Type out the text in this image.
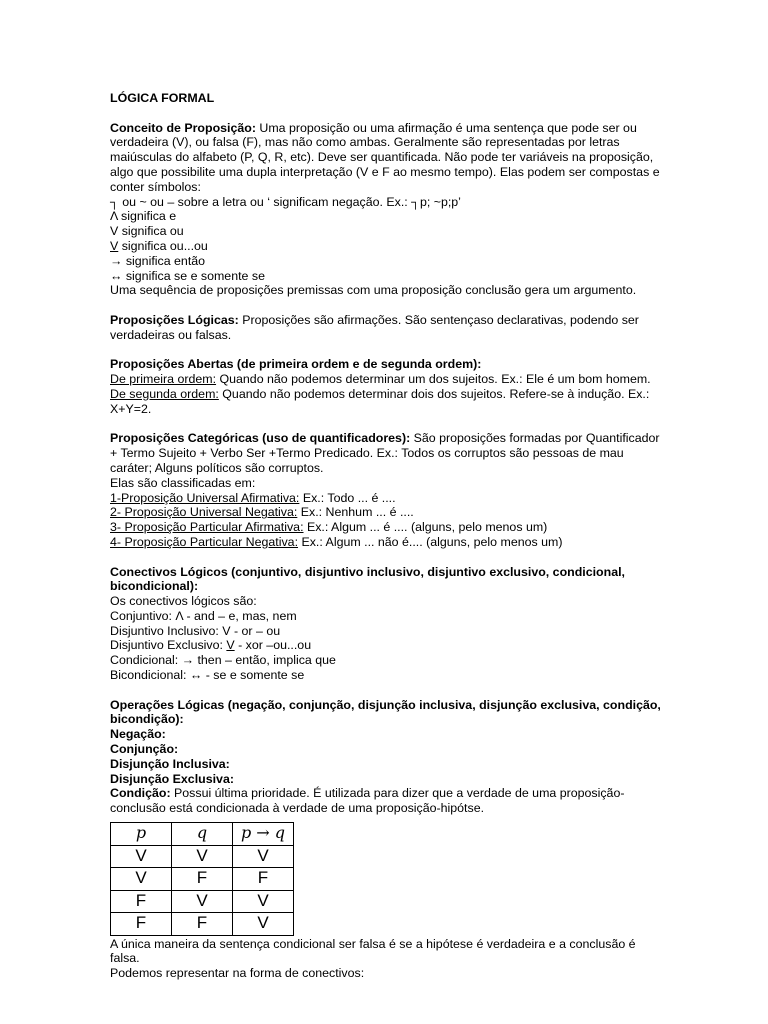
LÓGICA FORMAL

Conceito de Proposição: Uma proposição ou uma afirmação é uma sentença que pode ser ou verdadeira (V), ou falsa (F), mas não como ambas. Geralmente são representadas por letras maiúsculas do alfabeto (P, Q, R, etc). Deve ser quantificada. Não pode ter variáveis na proposição, algo que possibilite uma dupla interpretação (V e F ao mesmo tempo). Elas podem ser compostas e conter símbolos:

┐ ou ~ ou – sobre a letra ou ‘ significam negação. Ex.: ┐p; ~p;p’

Λ significa e

V significa ou

V significa ou...ou

→ significa então

↔ significa se e somente se

Uma sequência de proposições premissas com uma proposição conclusão gera um argumento.

Proposições Lógicas: Proposições são afirmações. São sentençaso declarativas, podendo ser verdadeiras ou falsas.

Proposições Abertas (de primeira ordem e de segunda ordem):

De primeira ordem: Quando não podemos determinar um dos sujeitos. Ex.: Ele é um bom homem.

De segunda ordem: Quando não podemos determinar dois dos sujeitos. Refere-se à indução. Ex.: X+Y=2.

Proposições Categóricas (uso de quantificadores): São proposições formadas por Quantificador + Termo Sujeito + Verbo Ser +Termo Predicado. Ex.: Todos os corruptos são pessoas de mau caráter; Alguns políticos são corruptos.

Elas são classificadas em:

1-Proposição Universal Afirmativa: Ex.: Todo ... é ....

2- Proposição Universal Negativa: Ex.: Nenhum ... é ....

3- Proposição Particular Afirmativa: Ex.: Algum ... é .... (alguns, pelo menos um)

4- Proposição Particular Negativa: Ex.: Algum ... não é.... (alguns, pelo menos um)

Conectivos Lógicos (conjuntivo, disjuntivo inclusivo, disjuntivo exclusivo, condicional, bicondicional):

Os conectivos lógicos são:

Conjuntivo: Λ - and – e, mas, nem

Disjuntivo Inclusivo: V - or – ou

Disjuntivo Exclusivo: V - xor –ou...ou

Condicional: → then – então, implica que

Bicondicional: ↔ - se e somente se

Operações Lógicas (negação, conjunção, disjunção inclusiva, disjunção exclusiva, condição, bicondição):

Negação:

Conjunção:

Disjunção Inclusiva:

Disjunção Exclusiva:

Condição: Possui última prioridade. É utilizada para dizer que a verdade de uma proposição-conclusão está condicionada à verdade de uma proposição-hipótse.

p	q	p → q
V	V	V
V	F	F
F	V	V
F	F	V

A única maneira da sentença condicional ser falsa é se a hipótese é verdadeira e a conclusão é falsa.

Podemos representar na forma de conectivos:
